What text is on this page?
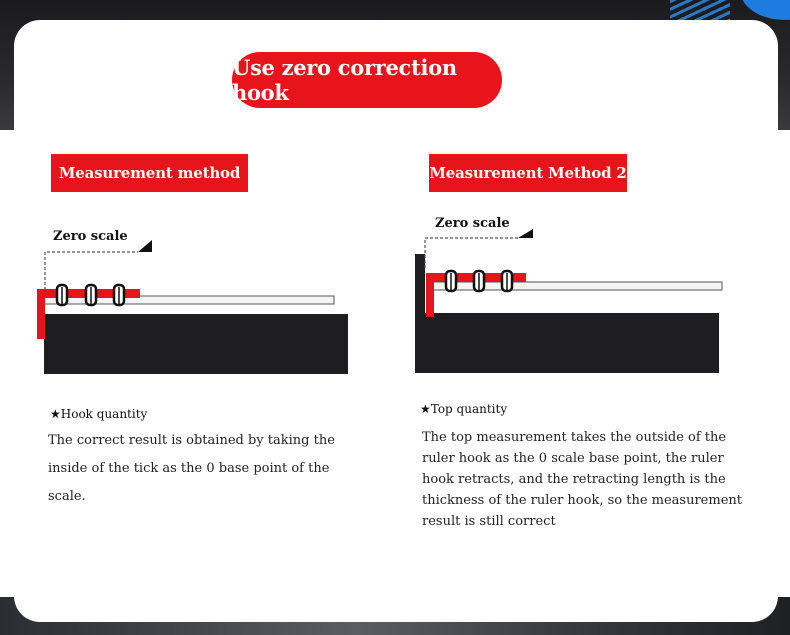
Use zero correction hook
Measurement method	Measurement Method 2
Zero scale
Zero scale
★Hook quantity	★Top quantity
The correct result is obtained by taking the inside of the tick as the 0 base point of the scale.
The top measurement takes the outside of the ruler hook as the 0 scale base point, the ruler hook retracts, and the retracting length is the thickness of the ruler hook, so the measurement result is still correct
